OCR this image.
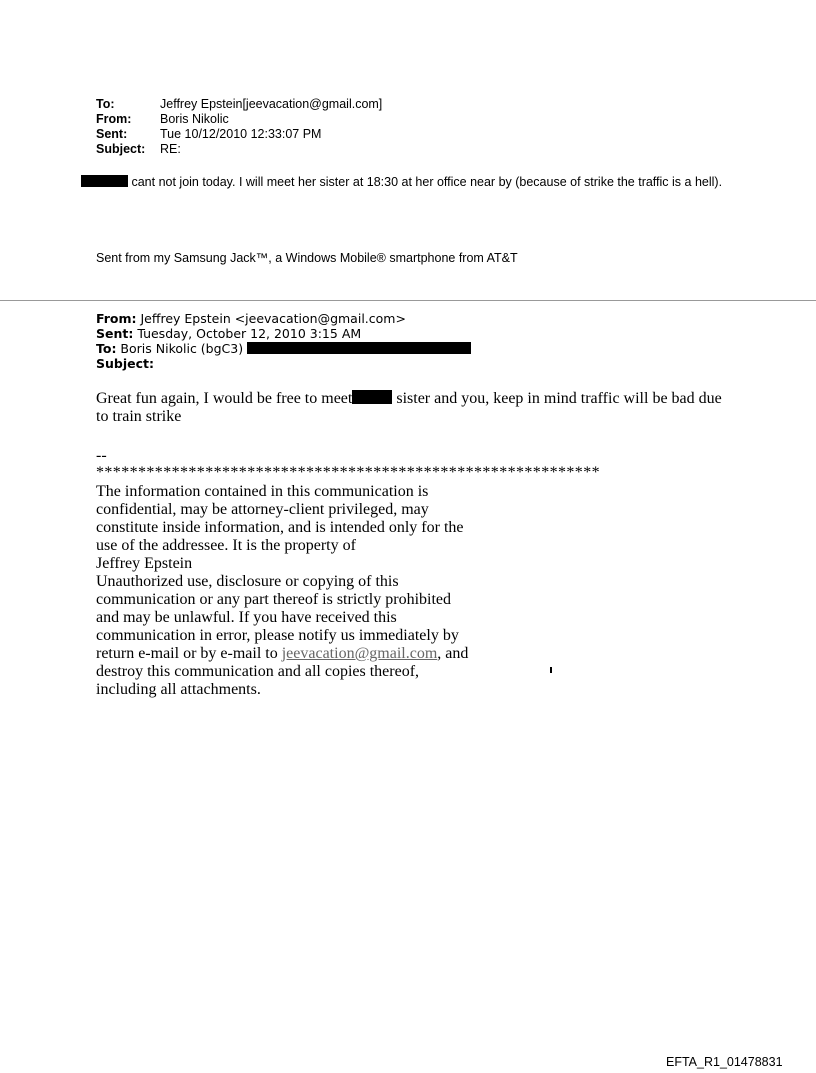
To:	Jeffrey Epstein[jeevacation@gmail.com]
From:	Boris Nikolic
Sent:	Tue 10/12/2010 12:33:07 PM
Subject:	RE:
cant not join today. I will meet her sister at 18:30 at her office near by (because of strike the traffic is a hell).
Sent from my Samsung Jack™, a Windows Mobile® smartphone from AT&T
From: Jeffrey Epstein <jeevacation@gmail.com>
Sent: Tuesday, October 12, 2010 3:15 AM
To: Boris Nikolic (bgC3)
Subject:
Great fun again, I would be free to meet	sister and you, keep in mind traffic will be bad due to train strike
--
************************************************************
The information contained in this communication is confidential, may be attorney-client privileged, may constitute inside information, and is intended only for the use of the addressee. It is the property of
Jeffrey Epstein
Unauthorized use, disclosure or copying of this communication or any part thereof is strictly prohibited and may be unlawful. If you have received this communication in error, please notify us immediately by return e-mail or by e-mail to jeevacation@gmail.com, and destroy this communication and all copies thereof, including all attachments.
EFTA_R1_01478831
